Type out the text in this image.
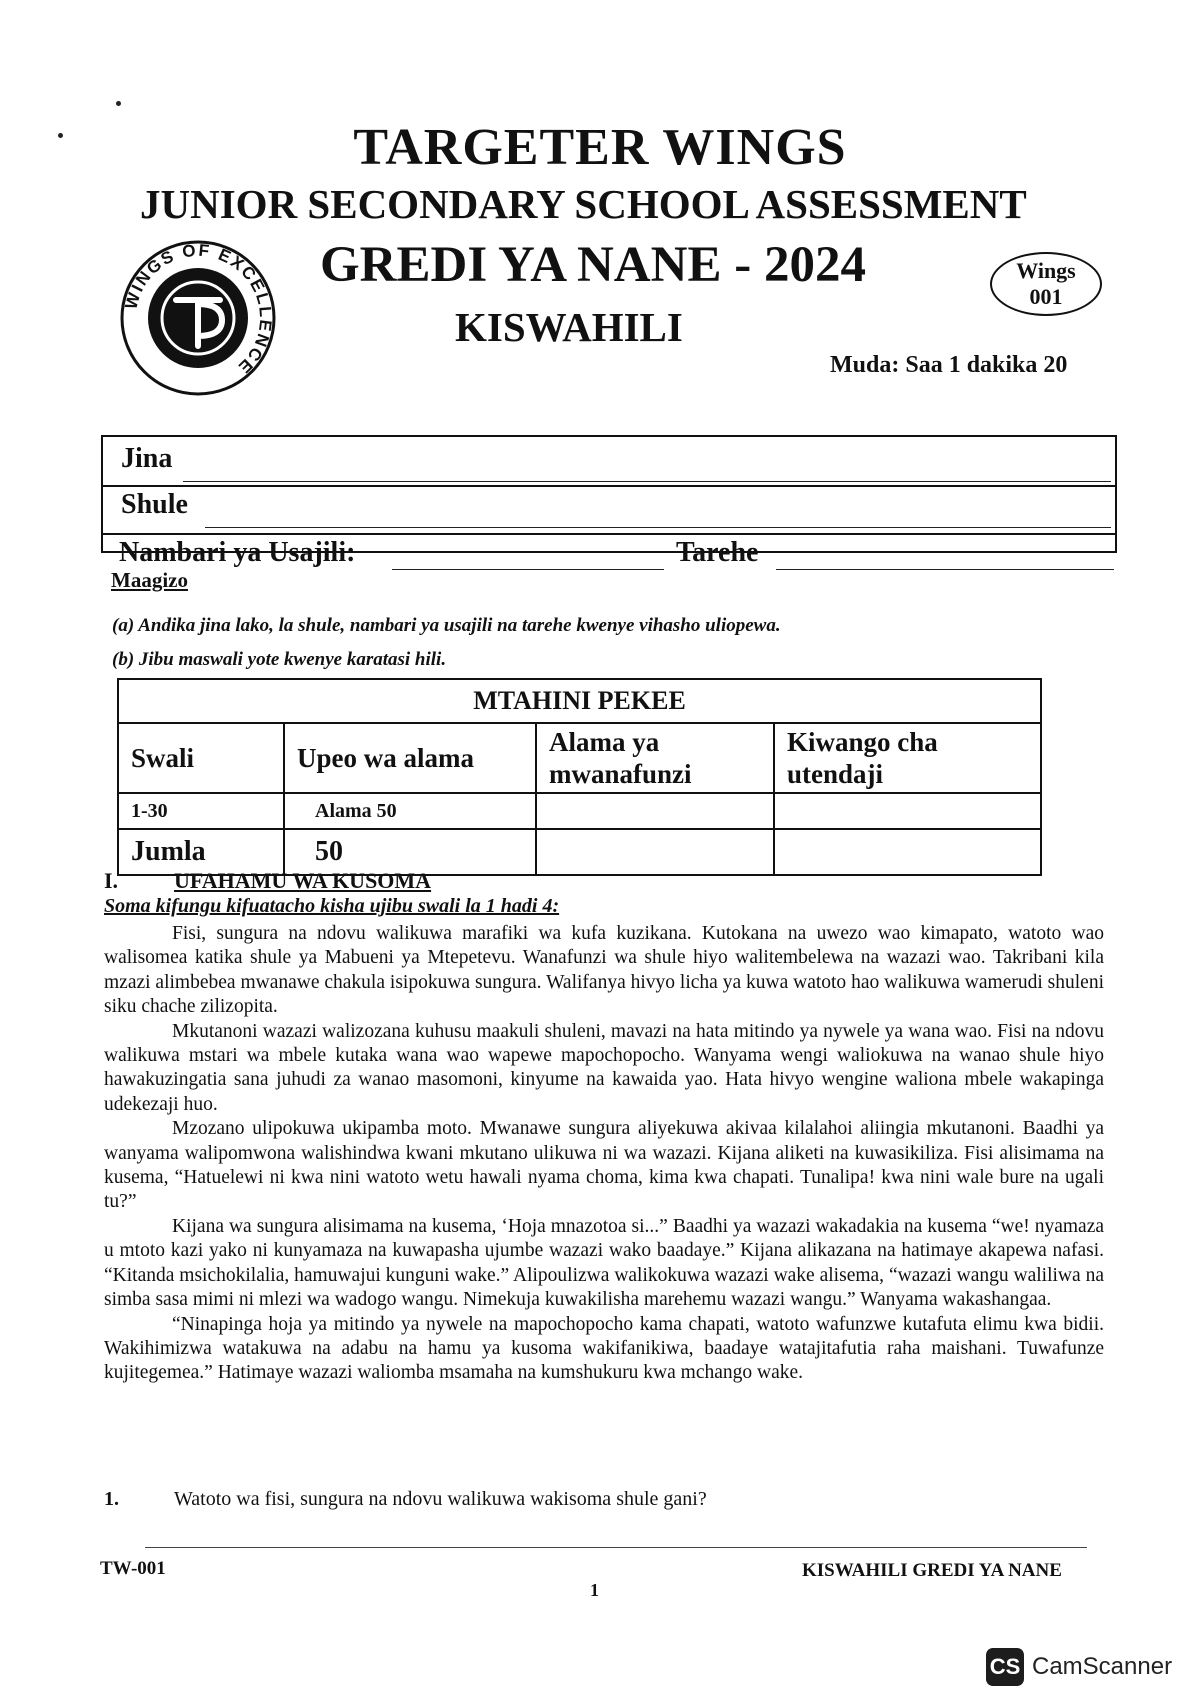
TARGETER WINGS
JUNIOR SECONDARY SCHOOL ASSESSMENT
GREDI YA NANE - 2024
KISWAHILI
Muda: Saa 1 dakika 20
WINGS OF EXCELLENCE
Wings
001
Jina
Shule
Nambari ya Usajili:	Tarehe
Maagizo
(a) Andika jina lako, la shule, nambari ya usajili na tarehe kwenye vihasho uliopewa.
(b) Jibu maswali yote kwenye karatasi hili.
MTAHINI PEKEE			
Swali	Upeo wa alama	Alama ya mwanafunzi	Kiwango cha utendaji
1-30	Alama 50		
Jumla	50		
I.	UFAHAMU WA KUSOMA
Soma kifungu kifuatacho kisha ujibu swali la 1 hadi 4:

Fisi, sungura na ndovu walikuwa marafiki wa kufa kuzikana. Kutokana na uwezo wao kimapato, watoto wao walisomea katika shule ya Mabueni ya Mtepetevu. Wanafunzi wa shule hiyo walitembelewa na wazazi wao. Takribani kila mzazi alimbebea mwanawe chakula isipokuwa sungura. Walifanya hivyo licha ya kuwa watoto hao walikuwa wamerudi shuleni siku chache zilizopita.

Mkutanoni wazazi walizozana kuhusu maakuli shuleni, mavazi na hata mitindo ya nywele ya wana wao. Fisi na ndovu walikuwa mstari wa mbele kutaka wana wao wapewe mapochopocho. Wanyama wengi waliokuwa na wanao shule hiyo hawakuzingatia sana juhudi za wanao masomoni, kinyume na kawaida yao. Hata hivyo wengine waliona mbele wakapinga udekezaji huo.

Mzozano ulipokuwa ukipamba moto. Mwanawe sungura aliyekuwa akivaa kilalahoi aliingia mkutanoni. Baadhi ya wanyama walipomwona walishindwa kwani mkutano ulikuwa ni wa wazazi. Kijana aliketi na kuwasikiliza. Fisi alisimama na kusema, “Hatuelewi ni kwa nini watoto wetu hawali nyama choma, kima kwa chapati. Tunalipa! kwa nini wale bure na ugali tu?”

Kijana wa sungura alisimama na kusema, ‘Hoja mnazotoa si...” Baadhi ya wazazi wakadakia na kusema “we! nyamaza u mtoto kazi yako ni kunyamaza na kuwapasha ujumbe wazazi wako baadaye.” Kijana alikazana na hatimaye akapewa nafasi. “Kitanda msichokilalia, hamuwajui kunguni wake.” Alipoulizwa walikokuwa wazazi wake alisema, “wazazi wangu waliliwa na simba sasa mimi ni mlezi wa wadogo wangu. Nimekuja kuwakilisha marehemu wazazi wangu.” Wanyama wakashangaa.

“Ninapinga hoja ya mitindo ya nywele na mapochopocho kama chapati, watoto wafunzwe kutafuta elimu kwa bidii. Wakihimizwa watakuwa na adabu na hamu ya kusoma wakifanikiwa, baadaye watajitafutia raha maishani. Tuwafunze kujitegemea.” Hatimaye wazazi waliomba msamaha na kumshukuru kwa mchango wake.

1.	Watoto wa fisi, sungura na ndovu walikuwa wakisoma shule gani?
TW-001
1
KISWAHILI GREDI YA NANE
CS CamScanner
